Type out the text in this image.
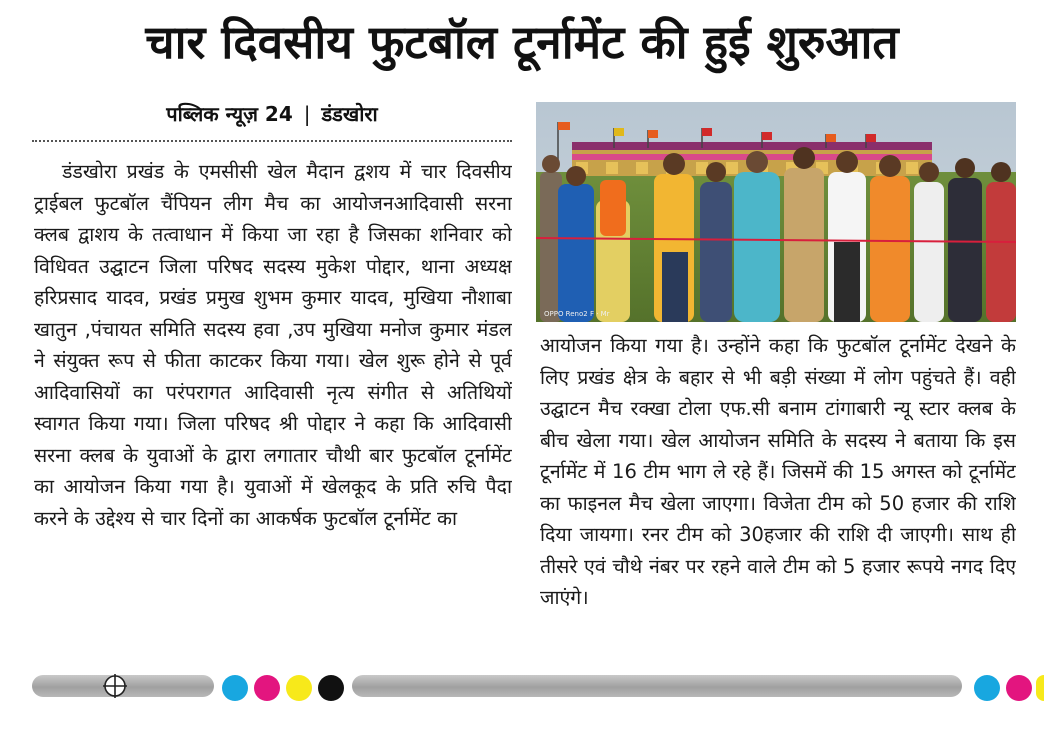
चार दिवसीय फुटबॉल टूर्नामेंट की हुई शुरुआत
पब्लिक न्यूज़ 24 | डंडखोरा

डंडखोरा प्रखंड के एमसीसी खेल मैदान द्वशय में चार दिवसीय ट्राईबल फुटबॉल चैंपियन लीग मैच का आयोजनआदिवासी सरना क्लब द्वाशय के तत्वाधान में किया जा रहा है जिसका शनिवार को विधिवत उद्घाटन जिला परिषद सदस्य मुकेश पोद्दार, थाना अध्यक्ष हरिप्रसाद यादव, प्रखंड प्रमुख शुभम कुमार यादव, मुखिया नौशाबा खातुन ,पंचायत समिति सदस्य हवा ,उप मुखिया मनोज कुमार मंडल ने संयुक्त रूप से फीता काटकर किया गया। खेल शुरू होने से पूर्व आदिवासियों का परंपरागत आदिवासी नृत्य संगीत से अतिथियों स्वागत किया गया। जिला परिषद श्री पोद्दार ने कहा कि आदिवासी सरना क्लब के युवाओं के द्वारा लगातार चौथी बार फुटबॉल टूर्नामेंट का आयोजन किया गया है। युवाओं में खेलकूद के प्रति रुचि पैदा करने के उद्देश्य से चार दिनों का आकर्षक फुटबॉल टूर्नामेंट का

OPPO Reno2 F · Mr

आयोजन किया गया है। उन्होंने कहा कि फुटबॉल टूर्नामेंट देखने के लिए प्रखंड क्षेत्र के बहार से भी बड़ी संख्या में लोग पहुंचते हैं। वही उद्घाटन मैच रक्खा टोला एफ.सी बनाम टांगाबारी न्यू स्टार क्लब के बीच खेला गया। खेल आयोजन समिति के सदस्य ने बताया कि इस टूर्नामेंट में 16 टीम भाग ले रहे हैं। जिसमें की 15 अगस्त को टूर्नामेंट का फाइनल मैच खेला जाएगा। विजेता टीम को 50 हजार की राशि दिया जायगा। रनर टीम को 30हजार की राशि दी जाएगी। साथ ही तीसरे एवं चौथे नंबर पर रहने वाले टीम को 5 हजार रूपये नगद दिए जाएंगे।
